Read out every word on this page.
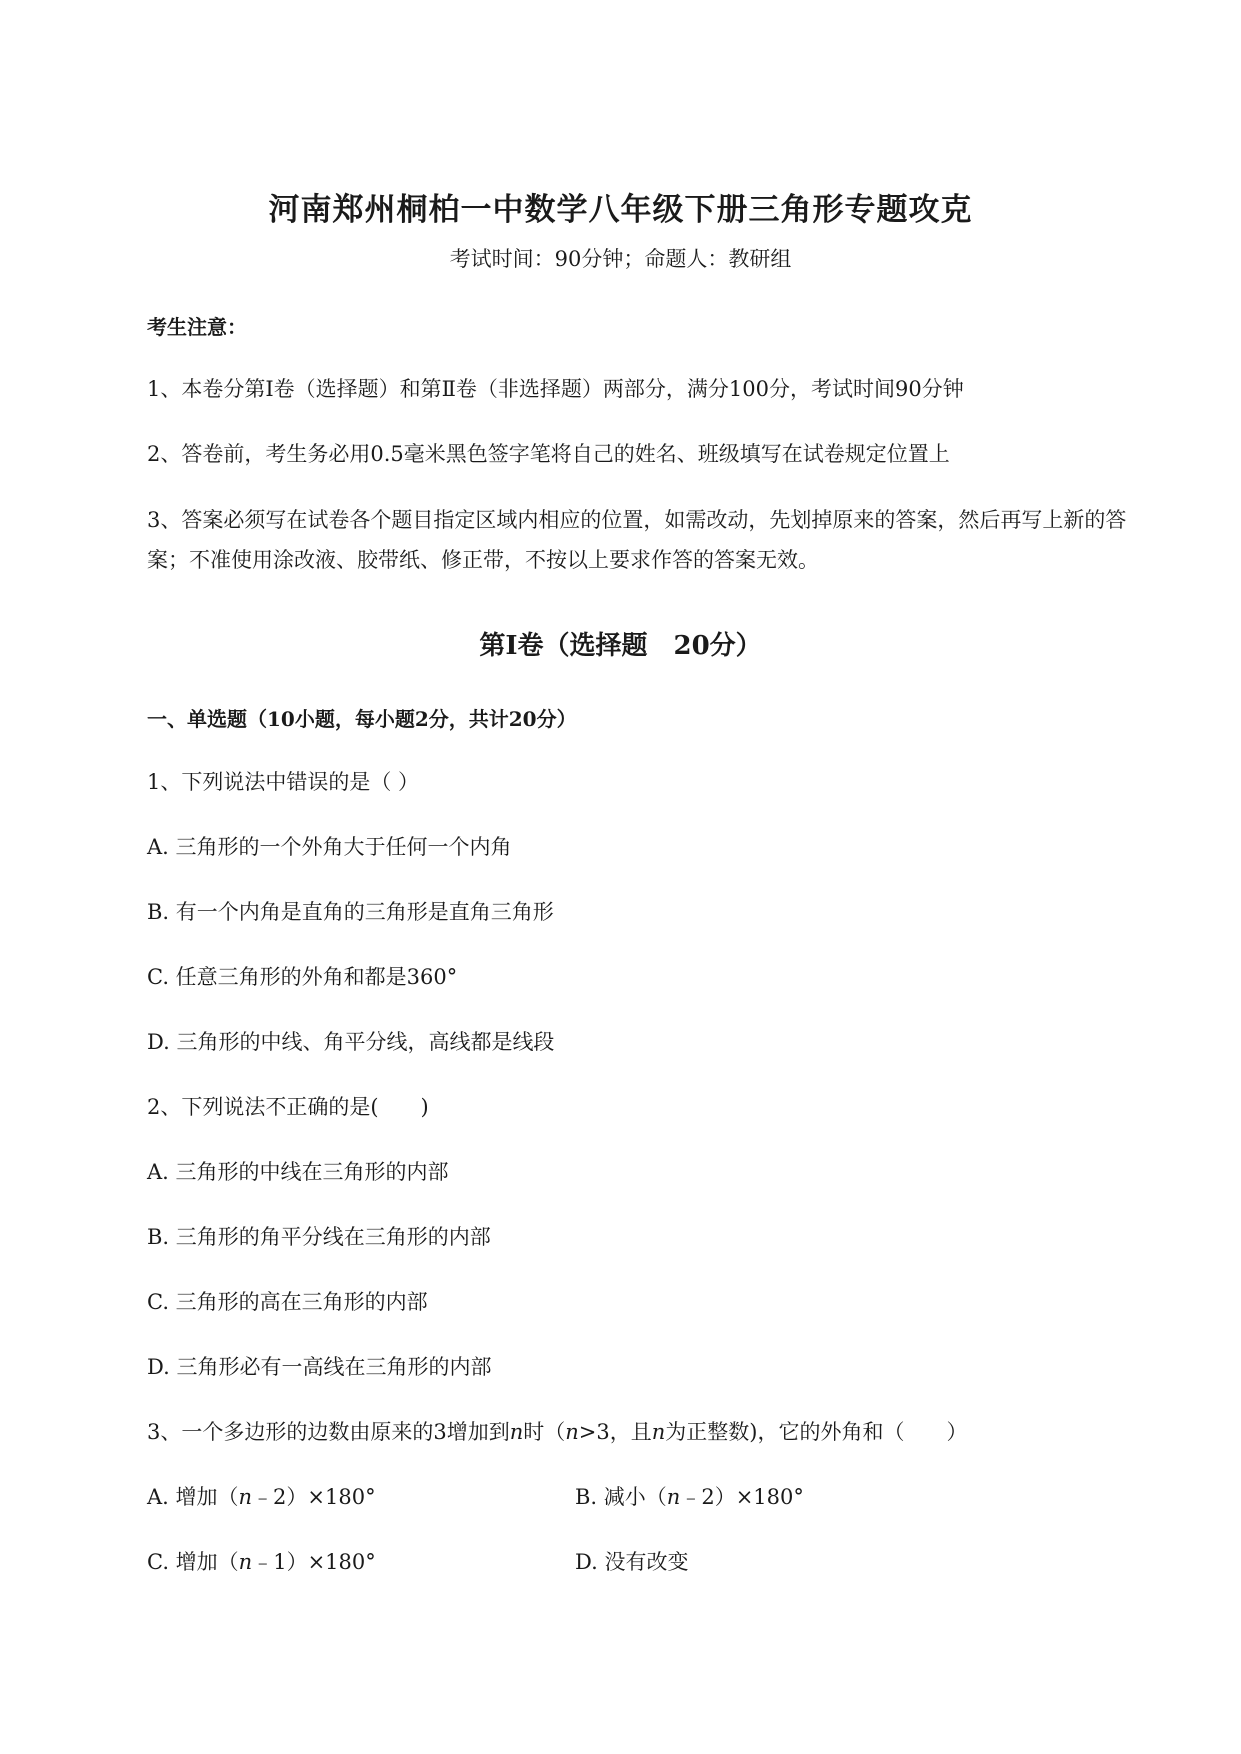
河南郑州桐柏一中数学八年级下册三角形专题攻克
考试时间：90分钟；命题人：教研组
考生注意：
1、本卷分第I卷（选择题）和第Ⅱ卷（非选择题）两部分，满分100分，考试时间90分钟
2、答卷前，考生务必用0.5毫米黑色签字笔将自己的姓名、班级填写在试卷规定位置上
3、答案必须写在试卷各个题目指定区域内相应的位置，如需改动，先划掉原来的答案，然后再写上新的答案；不准使用涂改液、胶带纸、修正带，不按以上要求作答的答案无效。
第I卷（选择题　20分）
一、单选题（10小题，每小题2分，共计20分）
1、下列说法中错误的是（ ）
A. 三角形的一个外角大于任何一个内角
B. 有一个内角是直角的三角形是直角三角形
C. 任意三角形的外角和都是360°
D. 三角形的中线、角平分线，高线都是线段
2、下列说法不正确的是(　　)
A. 三角形的中线在三角形的内部
B. 三角形的角平分线在三角形的内部
C. 三角形的高在三角形的内部
D. 三角形必有一高线在三角形的内部
3、一个多边形的边数由原来的3增加到n时（n>3，且n为正整数)，它的外角和（　　）
A. 增加（n﹣2）×180°	B. 减小（n﹣2）×180°
C. 增加（n﹣1）×180°	D. 没有改变
